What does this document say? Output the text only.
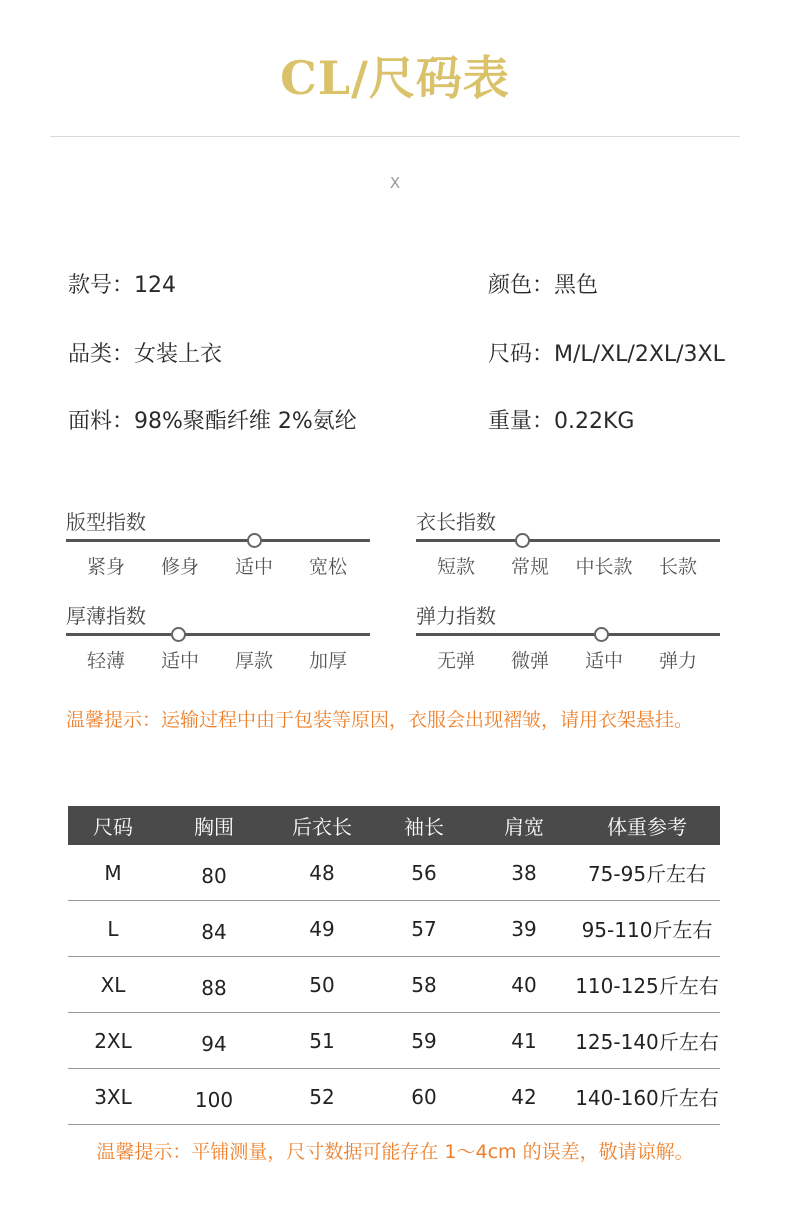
CL/尺码表
X
款号：124	颜色：黑色
品类：女装上衣	尺码：M/L/XL/2XL/3XL
面料：98%聚酯纤维 2%氨纶	重量：0.22KG
版型指数
紧身	修身	适中	宽松
衣长指数
短款	常规	中长款	长款
厚薄指数
轻薄	适中	厚款	加厚
弹力指数
无弹	微弹	适中	弹力
温馨提示：运输过程中由于包装等原因，衣服会出现褶皱，请用衣架悬挂。
尺码	胸围	后衣长	袖长	肩宽	体重参考
M	80	48	56	38	75-95斤左右
L	84	49	57	39	95-110斤左右
XL	88	50	58	40	110-125斤左右
2XL	94	51	59	41	125-140斤左右
3XL	100	52	60	42	140-160斤左右
温馨提示：平铺测量，尺寸数据可能存在 1～4cm 的误差，敬请谅解。
